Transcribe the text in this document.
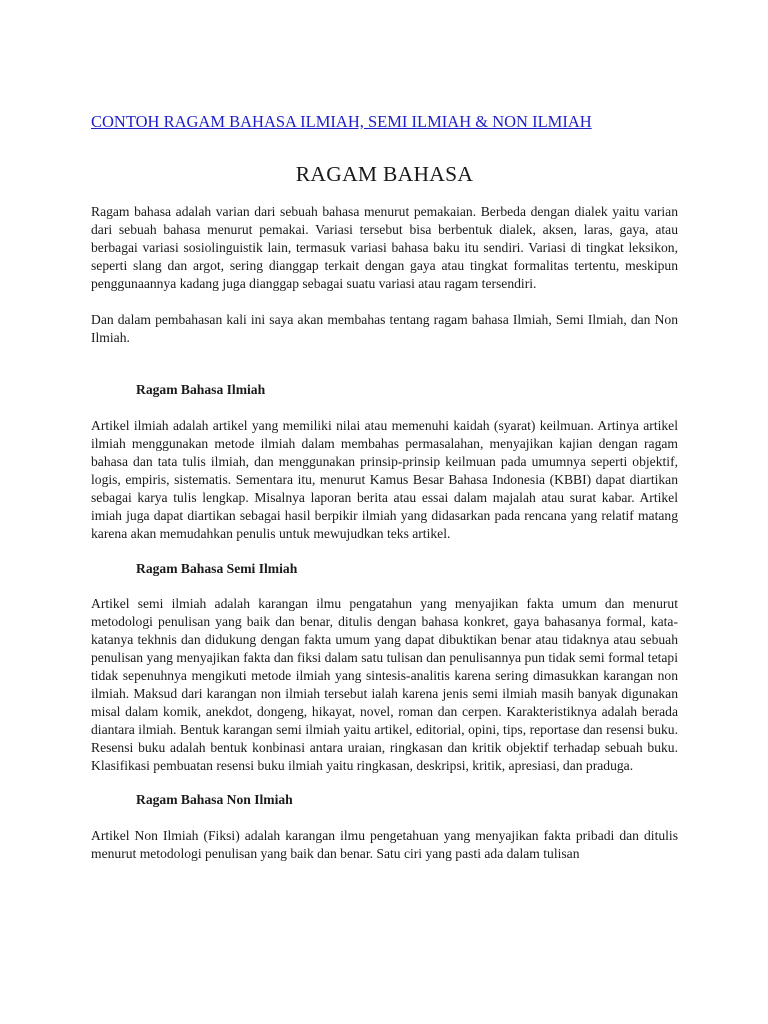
CONTOH RAGAM BAHASA ILMIAH, SEMI ILMIAH & NON ILMIAH
RAGAM BAHASA

Ragam bahasa adalah varian dari sebuah bahasa menurut pemakaian. Berbeda dengan dialek yaitu varian dari sebuah bahasa menurut pemakai. Variasi tersebut bisa berbentuk dialek, aksen, laras, gaya, atau berbagai variasi sosiolinguistik lain, termasuk variasi bahasa baku itu sendiri. Variasi di tingkat leksikon, seperti slang dan argot, sering dianggap terkait dengan gaya atau tingkat formalitas tertentu, meskipun penggunaannya kadang juga dianggap sebagai suatu variasi atau ragam tersendiri.

Dan dalam pembahasan kali ini saya akan membahas tentang ragam bahasa Ilmiah, Semi Ilmiah, dan Non Ilmiah.

Ragam Bahasa Ilmiah

Artikel ilmiah adalah artikel yang memiliki nilai atau memenuhi kaidah (syarat) keilmuan. Artinya artikel ilmiah menggunakan metode ilmiah dalam membahas permasalahan, menyajikan kajian dengan ragam bahasa dan tata tulis ilmiah, dan menggunakan prinsip-prinsip keilmuan pada umumnya seperti objektif, logis, empiris, sistematis. Sementara itu, menurut Kamus Besar Bahasa Indonesia (KBBI) dapat diartikan sebagai karya tulis lengkap. Misalnya laporan berita atau essai dalam majalah atau surat kabar. Artikel imiah juga dapat diartikan sebagai hasil berpikir ilmiah yang didasarkan pada rencana yang relatif matang karena akan memudahkan penulis untuk mewujudkan teks artikel.

Ragam Bahasa Semi Ilmiah

Artikel semi ilmiah adalah karangan ilmu pengatahun yang menyajikan fakta umum dan menurut metodologi penulisan yang baik dan benar, ditulis dengan bahasa konkret, gaya bahasanya formal, kata-katanya tekhnis dan didukung dengan fakta umum yang dapat dibuktikan benar atau tidaknya atau sebuah penulisan yang menyajikan fakta dan fiksi dalam satu tulisan dan penulisannya pun tidak semi formal tetapi tidak sepenuhnya mengikuti metode ilmiah yang sintesis-analitis karena sering dimasukkan karangan non ilmiah. Maksud dari karangan non ilmiah tersebut ialah karena jenis semi ilmiah masih banyak digunakan misal dalam komik, anekdot, dongeng, hikayat, novel, roman dan cerpen. Karakteristiknya adalah berada diantara ilmiah. Bentuk karangan semi ilmiah yaitu artikel, editorial, opini, tips, reportase dan resensi buku. Resensi buku adalah bentuk konbinasi antara uraian, ringkasan dan kritik objektif terhadap sebuah buku. Klasifikasi pembuatan resensi buku ilmiah yaitu ringkasan, deskripsi, kritik, apresiasi, dan praduga.

Ragam Bahasa Non Ilmiah

Artikel Non Ilmiah (Fiksi) adalah karangan ilmu pengetahuan yang menyajikan fakta pribadi dan ditulis menurut metodologi penulisan yang baik dan benar. Satu ciri yang pasti ada dalam tulisan
